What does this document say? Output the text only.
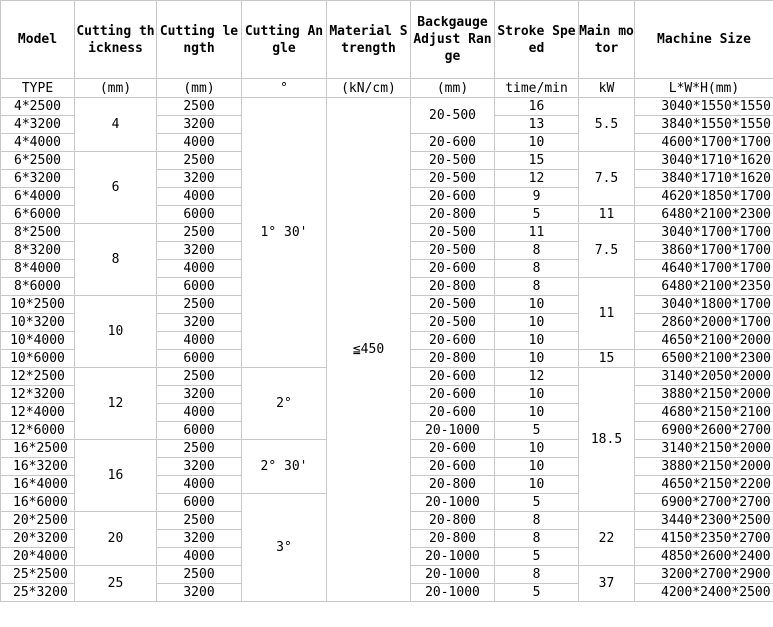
Model	Cutting thickness	Cutting length	Cutting Angle	Material Strength	Backgauge Adjust Range	Stroke Speed	Main motor	Machine Size
TYPE	(mm)	(mm)	°	(kN/cm)	(mm)	time/min	kW	L*W*H(mm)
4*2500	4	2500	1° 30'	≦450	20-500	16	5.5	3040*1550*1550
4*3200		3200				13		3840*1550*1550
4*4000		4000			20-600	10		4600*1700*1700
6*2500	6	2500			20-500	15	7.5	3040*1710*1620
6*3200		3200			20-500	12		3840*1710*1620
6*4000		4000			20-600	9		4620*1850*1700
6*6000		6000			20-800	5	11	6480*2100*2300
8*2500	8	2500			20-500	11	7.5	3040*1700*1700
8*3200		3200			20-500	8		3860*1700*1700
8*4000		4000			20-600	8		4640*1700*1700
8*6000		6000			20-800	8	11	6480*2100*2350
10*2500	10	2500			20-500	10		3040*1800*1700
10*3200		3200			20-500	10		2860*2000*1700
10*4000		4000			20-600	10		4650*2100*2000
10*6000		6000			20-800	10	15	6500*2100*2300
12*2500	12	2500	2°		20-600	12	18.5	3140*2050*2000
12*3200		3200			20-600	10		3880*2150*2000
12*4000		4000			20-600	10		4680*2150*2100
12*6000		6000			20-1000	5		6900*2600*2700
16*2500	16	2500	2° 30'		20-600	10		3140*2150*2000
16*3200		3200			20-600	10		3880*2150*2000
16*4000		4000			20-800	10		4650*2150*2200
16*6000		6000	3°		20-1000	5		6900*2700*2700
20*2500	20	2500			20-800	8	22	3440*2300*2500
20*3200		3200			20-800	8		4150*2350*2700
20*4000		4000			20-1000	5		4850*2600*2400
25*2500	25	2500			20-1000	8	37	3200*2700*2900
25*3200		3200			20-1000	5		4200*2400*2500
